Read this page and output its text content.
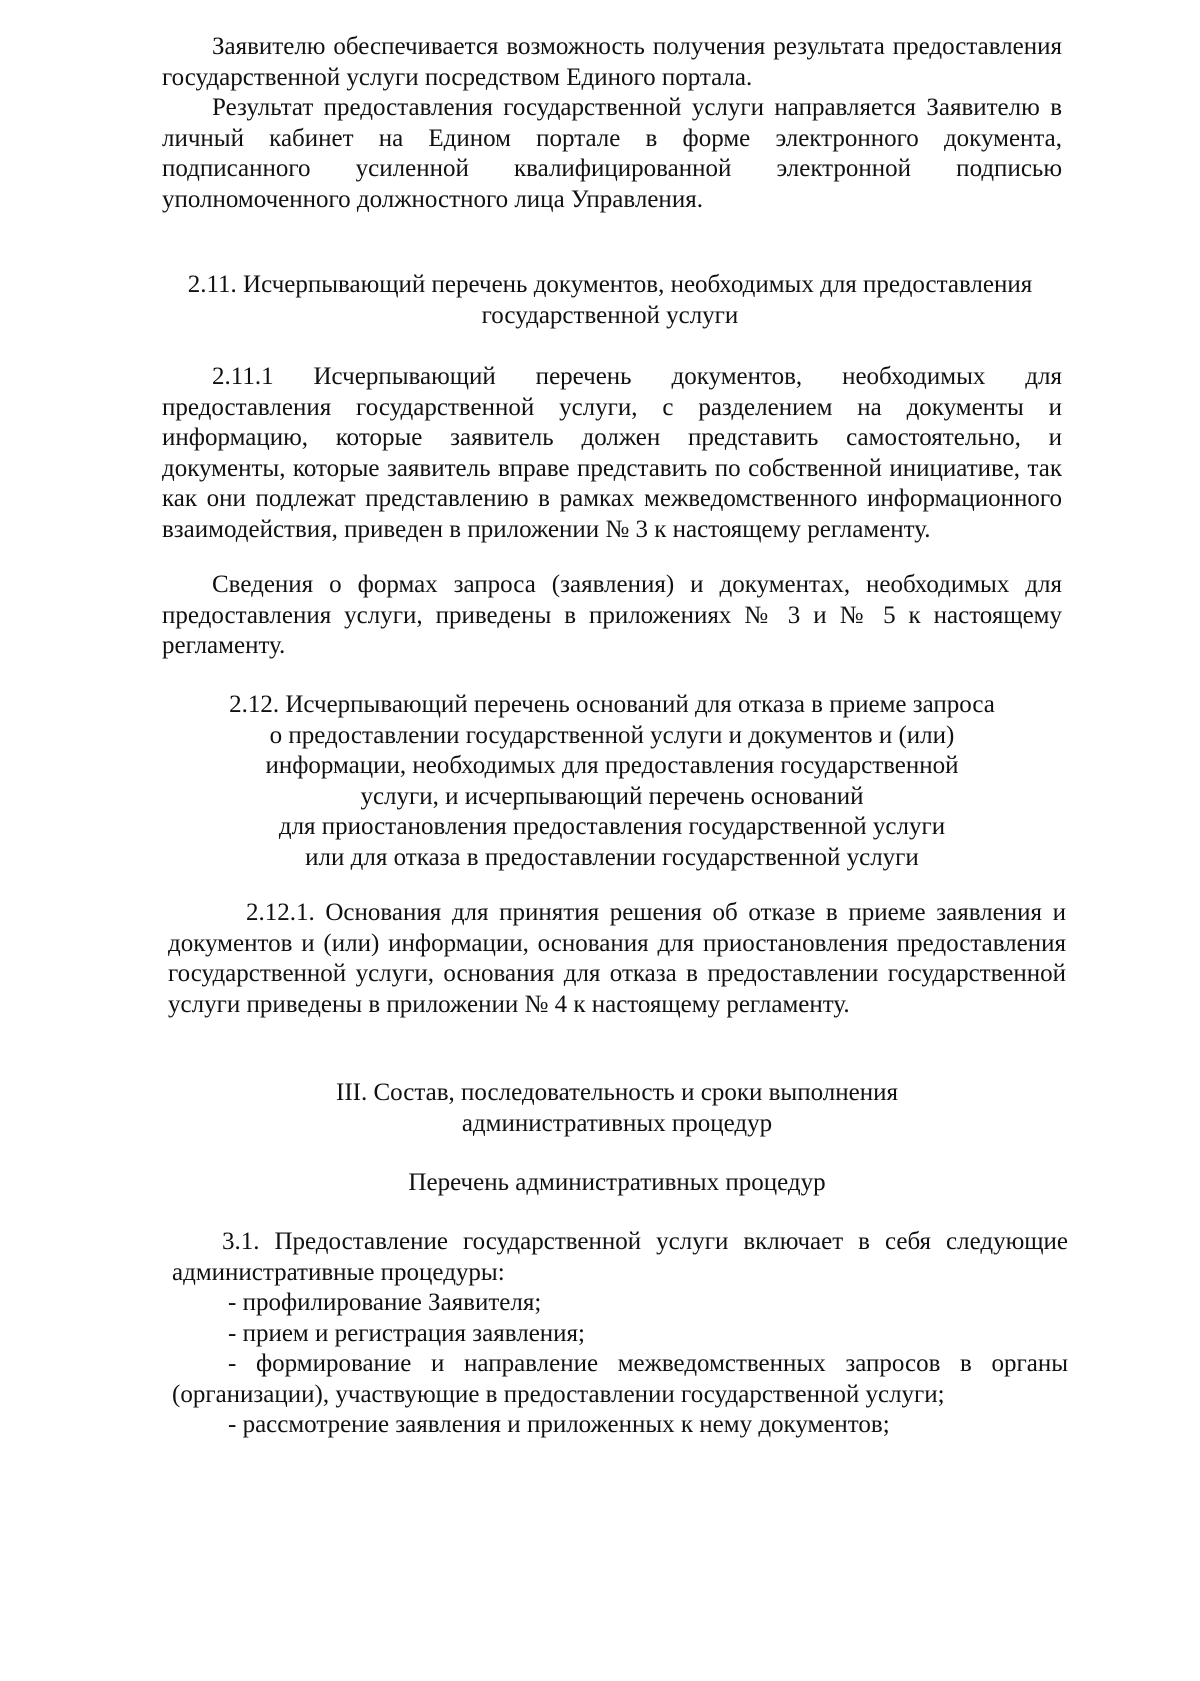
Заявителю обеспечивается возможность получения результата предоставления государственной услуги посредством Единого портала.

Результат предоставления государственной услуги направляется Заявителю в личный кабинет на Едином портале в форме электронного документа, подписанного усиленной квалифицированной электронной подписью уполномоченного должностного лица Управления.

2.11. Исчерпывающий перечень документов, необходимых для предоставления
государственной услуги

2.11.1 Исчерпывающий перечень документов, необходимых для предоставления государственной услуги, с разделением на документы и информацию, которые заявитель должен представить самостоятельно, и документы, которые заявитель вправе представить по собственной инициативе, так как они подлежат представлению в рамках межведомственного информационного взаимодействия, приведен в приложении № 3 к настоящему регламенту.

Сведения о формах запроса (заявления) и документах, необходимых для предоставления услуги, приведены в приложениях № 3 и № 5 к настоящему регламенту.

2.12. Исчерпывающий перечень оснований для отказа в приеме запроса
о предоставлении государственной услуги и документов и (или)
информации, необходимых для предоставления государственной
услуги, и исчерпывающий перечень оснований
для приостановления предоставления государственной услуги
или для отказа в предоставлении государственной услуги

2.12.1. Основания для принятия решения об отказе в приеме заявления и документов и (или) информации, основания для приостановления предоставления государственной услуги, основания для отказа в предоставлении государственной услуги приведены в приложении № 4 к настоящему регламенту.

III. Состав, последовательность и сроки выполнения
административных процедур
Перечень административных процедур

3.1. Предоставление государственной услуги включает в себя следующие административные процедуры:

- профилирование Заявителя;

- прием и регистрация заявления;

- формирование и направление межведомственных запросов в органы (организации), участвующие в предоставлении государственной услуги;

- рассмотрение заявления и приложенных к нему документов;
